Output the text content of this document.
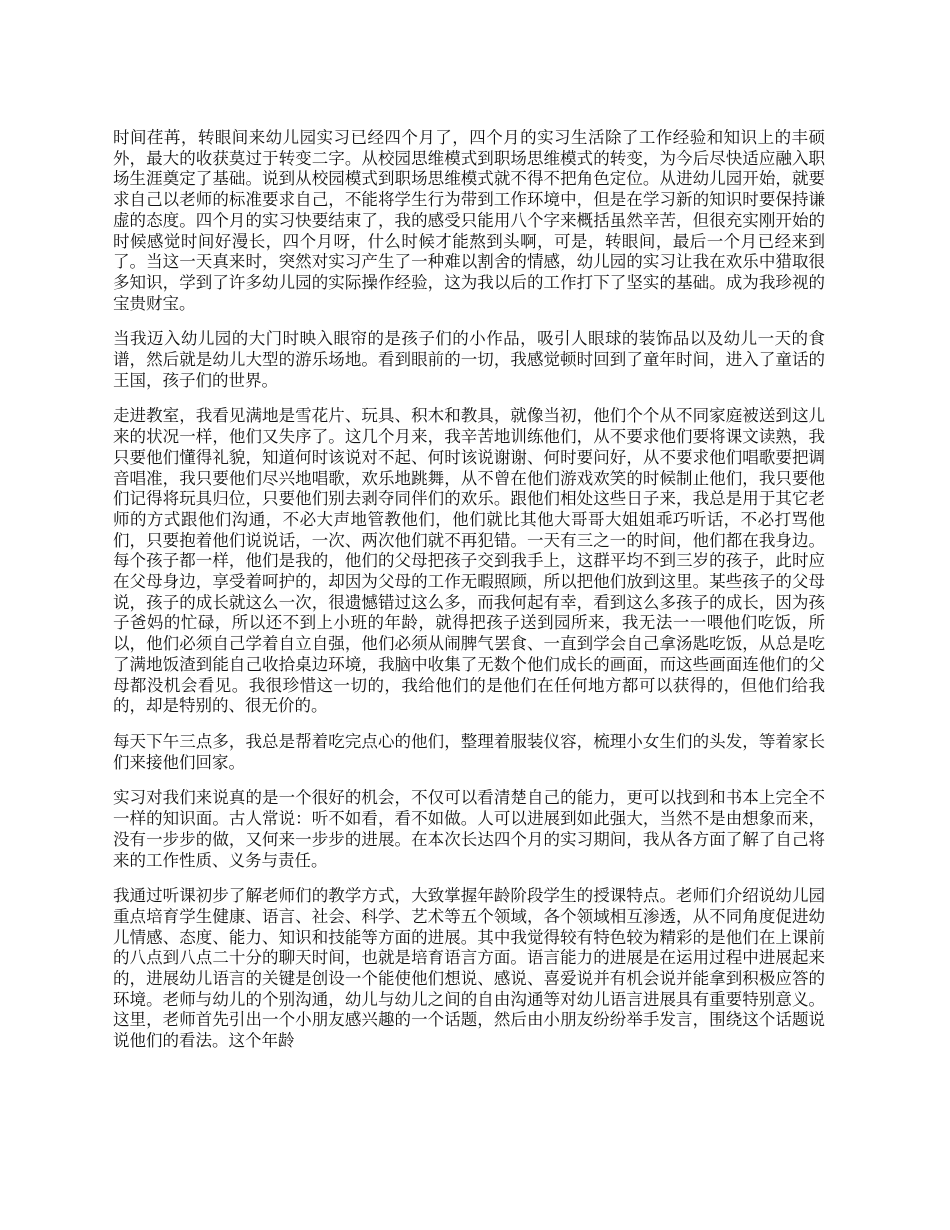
时间荏苒，转眼间来幼儿园实习已经四个月了，四个月的实习生活除了工作经验和知识上的丰硕外，最大的收获莫过于转变二字。从校园思维模式到职场思维模式的转变，为今后尽快适应融入职场生涯奠定了基础。说到从校园模式到职场思维模式就不得不把角色定位。从进幼儿园开始，就要求自己以老师的标准要求自己，不能将学生行为带到工作环境中，但是在学习新的知识时要保持谦虚的态度。四个月的实习快要结束了，我的感受只能用八个字来概括虽然辛苦，但很充实刚开始的时候感觉时间好漫长，四个月呀，什么时候才能熬到头啊，可是，转眼间，最后一个月已经来到了。当这一天真来时，突然对实习产生了一种难以割舍的情感，幼儿园的实习让我在欢乐中猎取很多知识，学到了许多幼儿园的实际操作经验，这为我以后的工作打下了坚实的基础。成为我珍视的宝贵财宝。

当我迈入幼儿园的大门时映入眼帘的是孩子们的小作品，吸引人眼球的装饰品以及幼儿一天的食谱，然后就是幼儿大型的游乐场地。看到眼前的一切，我感觉顿时回到了童年时间，进入了童话的王国，孩子们的世界。

走进教室，我看见满地是雪花片、玩具、积木和教具，就像当初，他们个个从不同家庭被送到这儿来的状况一样，他们又失序了。这几个月来，我辛苦地训练他们，从不要求他们要将课文读熟，我只要他们懂得礼貌，知道何时该说对不起、何时该说谢谢、何时要问好，从不要求他们唱歌要把调音唱准，我只要他们尽兴地唱歌，欢乐地跳舞，从不曾在他们游戏欢笑的时候制止他们，我只要他们记得将玩具归位，只要他们别去剥夺同伴们的欢乐。跟他们相处这些日子来，我总是用于其它老师的方式跟他们沟通，不必大声地管教他们，他们就比其他大哥哥大姐姐乖巧听话，不必打骂他们，只要抱着他们说说话，一次、两次他们就不再犯错。一天有三之一的时间，他们都在我身边。每个孩子都一样，他们是我的，他们的父母把孩子交到我手上，这群平均不到三岁的孩子，此时应在父母身边，享受着呵护的，却因为父母的工作无暇照顾，所以把他们放到这里。某些孩子的父母说，孩子的成长就这么一次，很遗憾错过这么多，而我何起有幸，看到这么多孩子的成长，因为孩子爸妈的忙碌，所以还不到上小班的年龄，就得把孩子送到园所来，我无法一一喂他们吃饭，所以，他们必须自己学着自立自强，他们必须从闹脾气罢食、一直到学会自己拿汤匙吃饭，从总是吃了满地饭渣到能自己收拾桌边环境，我脑中收集了无数个他们成长的画面，而这些画面连他们的父母都没机会看见。我很珍惜这一切的，我给他们的是他们在任何地方都可以获得的，但他们给我的，却是特别的、很无价的。

每天下午三点多，我总是帮着吃完点心的他们，整理着服装仪容，梳理小女生们的头发，等着家长们来接他们回家。

实习对我们来说真的是一个很好的机会，不仅可以看清楚自己的能力，更可以找到和书本上完全不一样的知识面。古人常说：听不如看，看不如做。人可以进展到如此强大，当然不是由想象而来，没有一步步的做，又何来一步步的进展。在本次长达四个月的实习期间，我从各方面了解了自己将来的工作性质、义务与责任。

我通过听课初步了解老师们的教学方式，大致掌握年龄阶段学生的授课特点。老师们介绍说幼儿园重点培育学生健康、语言、社会、科学、艺术等五个领域，各个领域相互渗透，从不同角度促进幼儿情感、态度、能力、知识和技能等方面的进展。其中我觉得较有特色较为精彩的是他们在上课前的八点到八点二十分的聊天时间，也就是培育语言方面。语言能力的进展是在运用过程中进展起来的，进展幼儿语言的关键是创设一个能使他们想说、感说、喜爱说并有机会说并能拿到积极应答的环境。老师与幼儿的个别沟通，幼儿与幼儿之间的自由沟通等对幼儿语言进展具有重要特别意义。这里，老师首先引出一个小朋友感兴趣的一个话题，然后由小朋友纷纷举手发言，围绕这个话题说说他们的看法。这个年龄
